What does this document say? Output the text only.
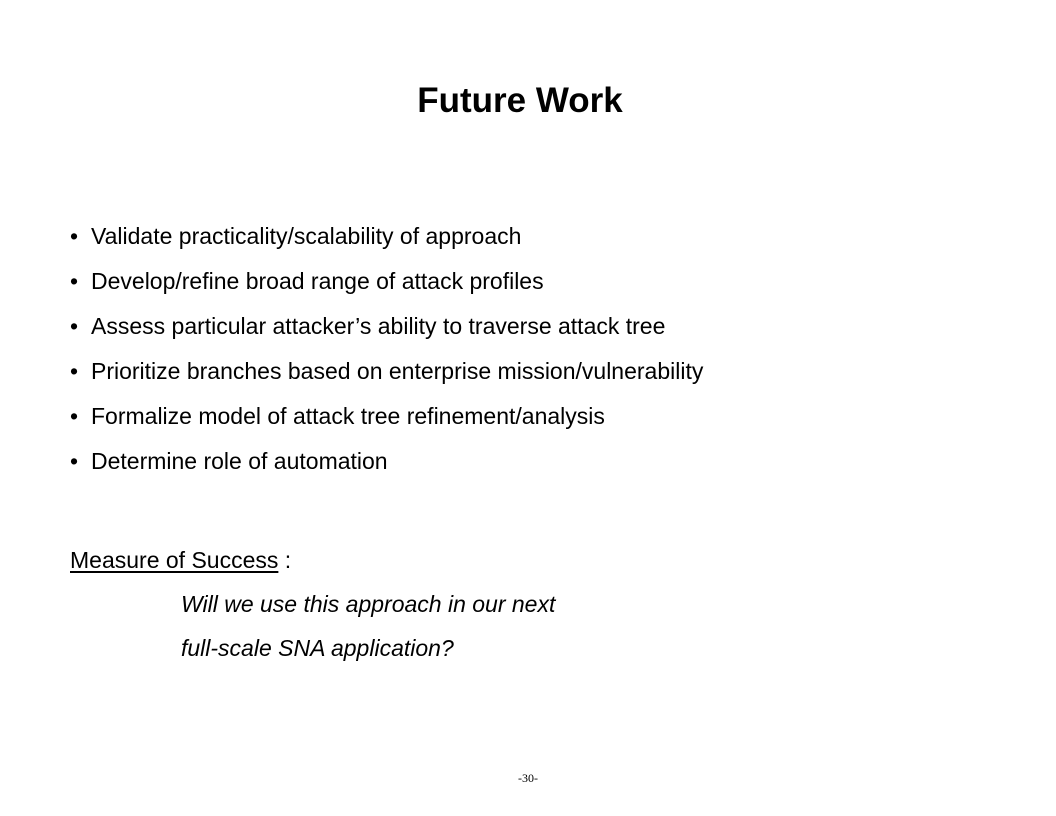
Future Work
• Validate practicality/scalability of approach
• Develop/refine broad range of attack profiles
• Assess particular attacker’s ability to traverse attack tree
• Prioritize branches based on enterprise mission/vulnerability
• Formalize model of attack tree refinement/analysis
• Determine role of automation
Measure of Success :
Will we use this approach in our next
full-scale SNA application?
-30-
